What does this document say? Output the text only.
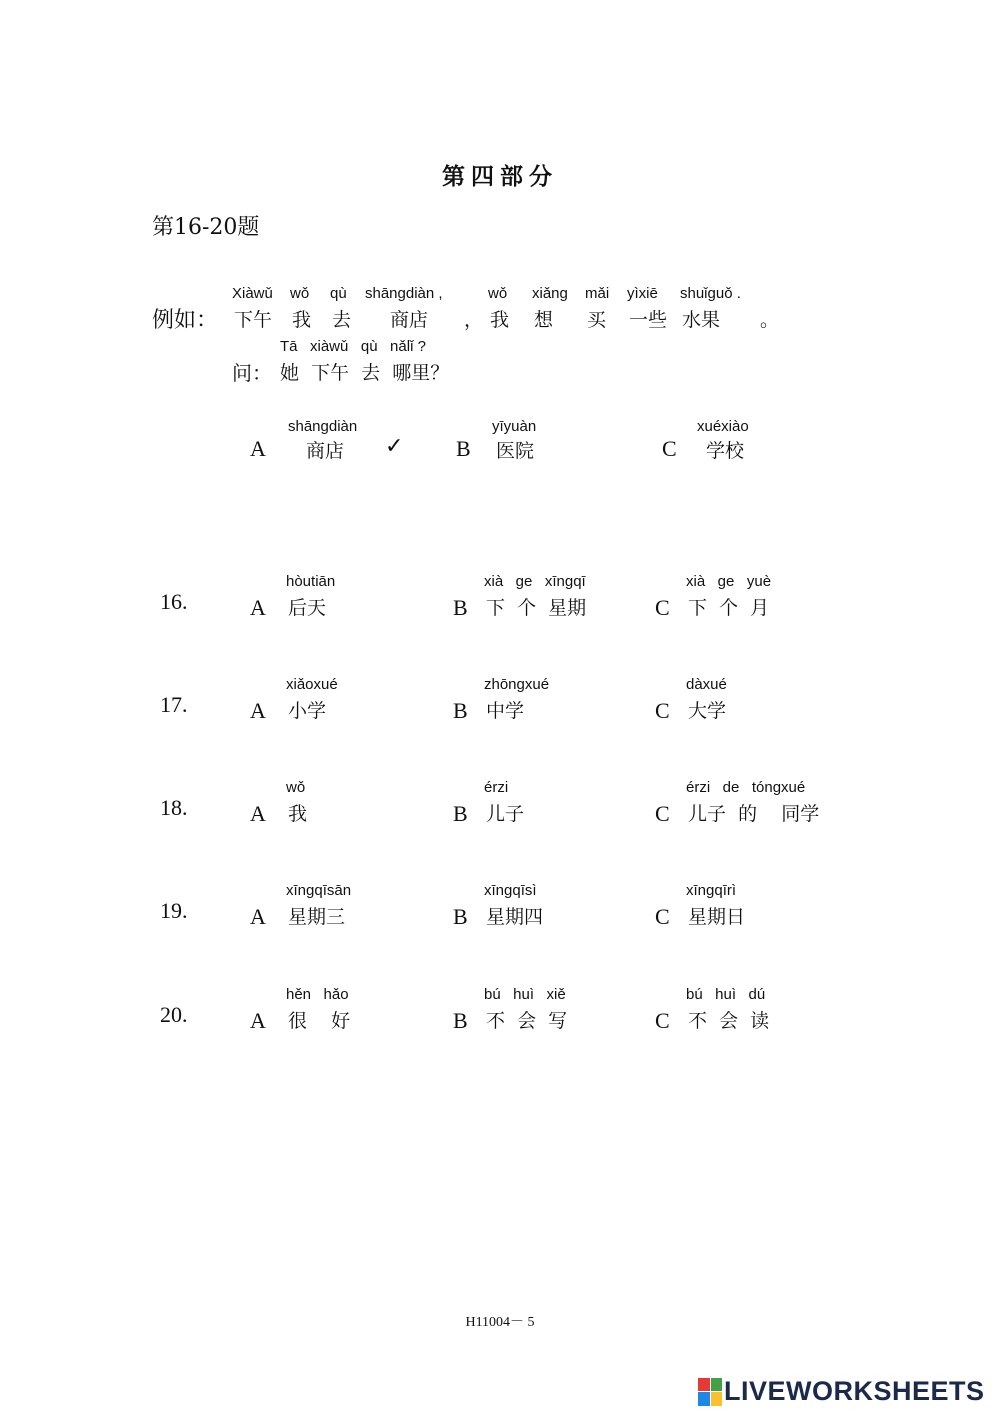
第四部分
第16-20题
例如：
Xiàwǔ
下午
wǒ
我
qù
去
shāngdiàn ,
商店 ，
wǒ
我
xiǎng
想
mǎi
买
yìxiē
一些
shuǐguǒ .
水果 。
问：
Tā   xiàwǔ   qù   nǎlǐ ?
她  下午  去  哪里？
A
shāngdiàn
商店 ✓ B
yīyuàn
医院	C
xuéxiào
学校
16.	A
hòutiān
后天	B
xià   ge   xīngqī
下  个  星期	C
xià   ge   yuè
下  个  月
17.	A
xiǎoxué
小学	B
zhōngxué
中学	C
dàxué
大学
18.	A
wǒ
我	B
érzi
儿子	C
érzi   de   tóngxué
儿子  的    同学
19.	A
xīngqīsān
星期三	B
xīngqīsì
星期四	C
xīngqīrì
星期日
20.	A
hěn   hǎo
很    好	B
bú   huì   xiě
不  会  写	C
bú   huì   dú
不  会  读
H11004－ 5
LIVEWORKSHEETS
